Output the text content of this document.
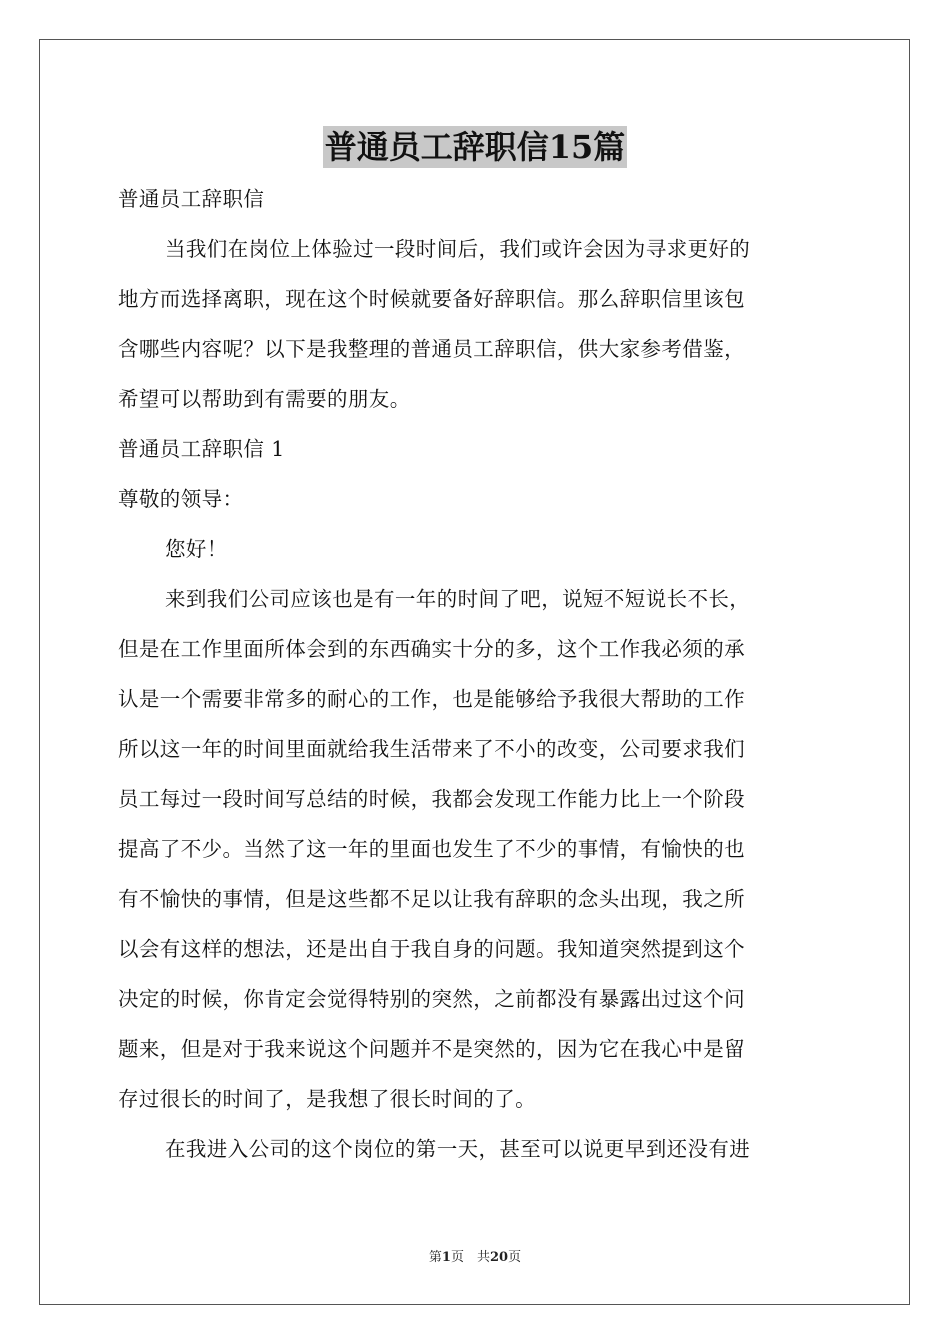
普通员工辞职信15篇
普通员工辞职信
当我们在岗位上体验过一段时间后，我们或许会因为寻求更好的
地方而选择离职，现在这个时候就要备好辞职信。那么辞职信里该包
含哪些内容呢？以下是我整理的普通员工辞职信，供大家参考借鉴，
希望可以帮助到有需要的朋友。
普通员工辞职信 1
尊敬的领导：
您好！
来到我们公司应该也是有一年的时间了吧，说短不短说长不长，
但是在工作里面所体会到的东西确实十分的多，这个工作我必须的承
认是一个需要非常多的耐心的工作，也是能够给予我很大帮助的工作
所以这一年的时间里面就给我生活带来了不小的改变，公司要求我们
员工每过一段时间写总结的时候，我都会发现工作能力比上一个阶段
提高了不少。当然了这一年的里面也发生了不少的事情，有愉快的也
有不愉快的事情，但是这些都不足以让我有辞职的念头出现，我之所
以会有这样的想法，还是出自于我自身的问题。我知道突然提到这个
决定的时候，你肯定会觉得特别的突然，之前都没有暴露出过这个问
题来，但是对于我来说这个问题并不是突然的，因为它在我心中是留
存过很长的时间了，是我想了很长时间的了。
在我进入公司的这个岗位的第一天，甚至可以说更早到还没有进
第1页　共20页
